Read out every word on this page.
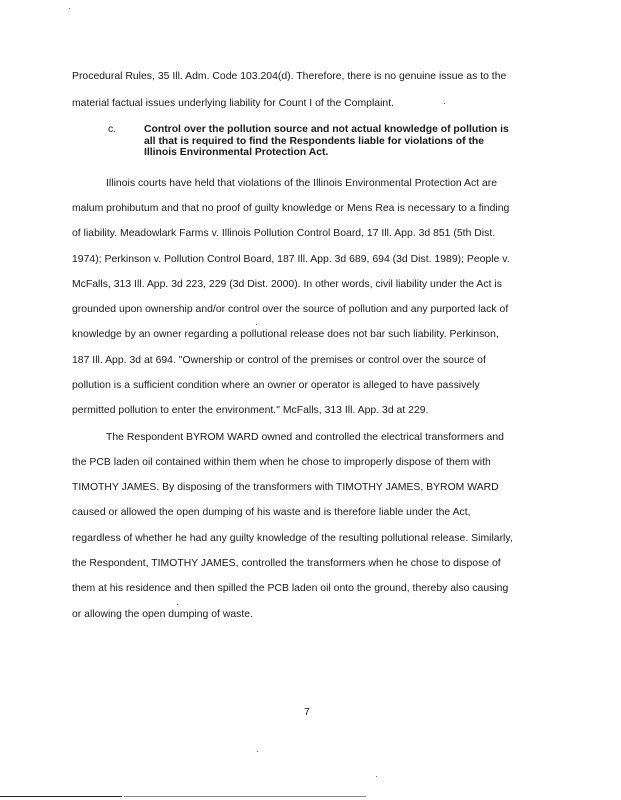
Procedural Rules, 35 Ill. Adm. Code 103.204(d). Therefore, there is no genuine issue as to the
material factual issues underlying liability for Count I of the Complaint.
c.	Control over the pollution source and not actual knowledge of pollution is
all that is required to find the Respondents liable for violations of the
Illinois Environmental Protection Act.
Illinois courts have held that violations of the Illinois Environmental Protection Act are
malum prohibutum and that no proof of guilty knowledge or Mens Rea is necessary to a finding
of liability. Meadowlark Farms v. Illinois Pollution Control Board, 17 Ill. App. 3d 851 (5th Dist.
1974); Perkinson v. Pollution Control Board, 187 Ill. App. 3d 689, 694 (3d Dist. 1989); People v.
McFalls, 313 Ill. App. 3d 223, 229 (3d Dist. 2000). In other words, civil liability under the Act is
grounded upon ownership and/or control over the source of pollution and any purported lack of
knowledge by an owner regarding a pollutional release does not bar such liability. Perkinson,
187 Ill. App. 3d at 694. "Ownership or control of the premises or control over the source of
pollution is a sufficient condition where an owner or operator is alleged to have passively
permitted pollution to enter the environment." McFalls, 313 Ill. App. 3d at 229.
The Respondent BYROM WARD owned and controlled the electrical transformers and
the PCB laden oil contained within them when he chose to improperly dispose of them with
TIMOTHY JAMES. By disposing of the transformers with TIMOTHY JAMES, BYROM WARD
caused or allowed the open dumping of his waste and is therefore liable under the Act,
regardless of whether he had any guilty knowledge of the resulting pollutional release. Similarly,
the Respondent, TIMOTHY JAMES, controlled the transformers when he chose to dispose of
them at his residence and then spilled the PCB laden oil onto the ground, thereby also causing
or allowing the open dumping of waste.
7
